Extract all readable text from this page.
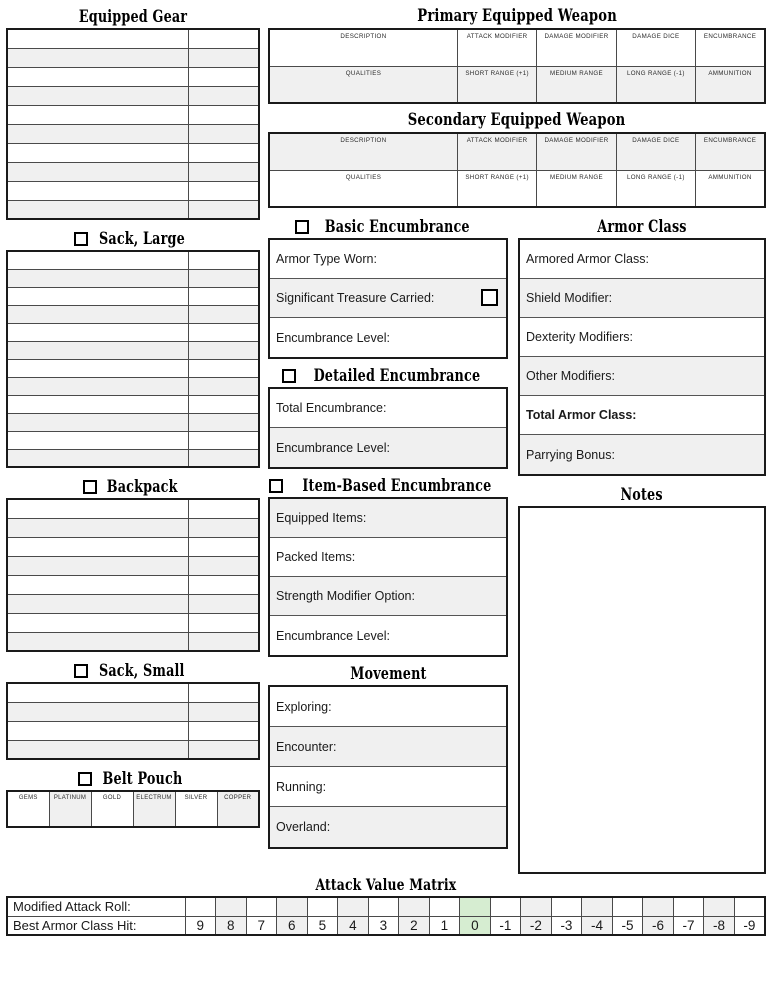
Equipped Gear

Sack, Large

Backpack

Sack, Small

Belt Pouch
GEMS	PLATINUM	GOLD	ELECTRUM	SILVER	COPPER
Primary Equipped Weapon
DESCRIPTION	ATTACK MODIFIER	DAMAGE MODIFIER	DAMAGE DICE	ENCUMBRANCE
QUALITIES	SHORT RANGE (+1)	MEDIUM RANGE	LONG RANGE (-1)	AMMUNITION
Secondary Equipped Weapon
DESCRIPTION	ATTACK MODIFIER	DAMAGE MODIFIER	DAMAGE DICE	ENCUMBRANCE
QUALITIES	SHORT RANGE (+1)	MEDIUM RANGE	LONG RANGE (-1)	AMMUNITION
Basic Encumbrance
Armor Type Worn:
Significant Treasure Carried:
Encumbrance Level:
Detailed Encumbrance
Total Encumbrance:
Encumbrance Level:
Item-Based Encumbrance
Equipped Items:
Packed Items:
Strength Modifier Option:
Encumbrance Level:
Movement
Exploring:
Encounter:
Running:
Overland:
Armor Class
Armored Armor Class:
Shield Modifier:
Dexterity Modifiers:
Other Modifiers:
Total Armor Class:
Parrying Bonus:
Notes
Attack Value Matrix
Modified Attack Roll:																			
Best Armor Class Hit:	9	8	7	6	5	4	3	2	1	0	-1	-2	-3	-4	-5	-6	-7	-8	-9
